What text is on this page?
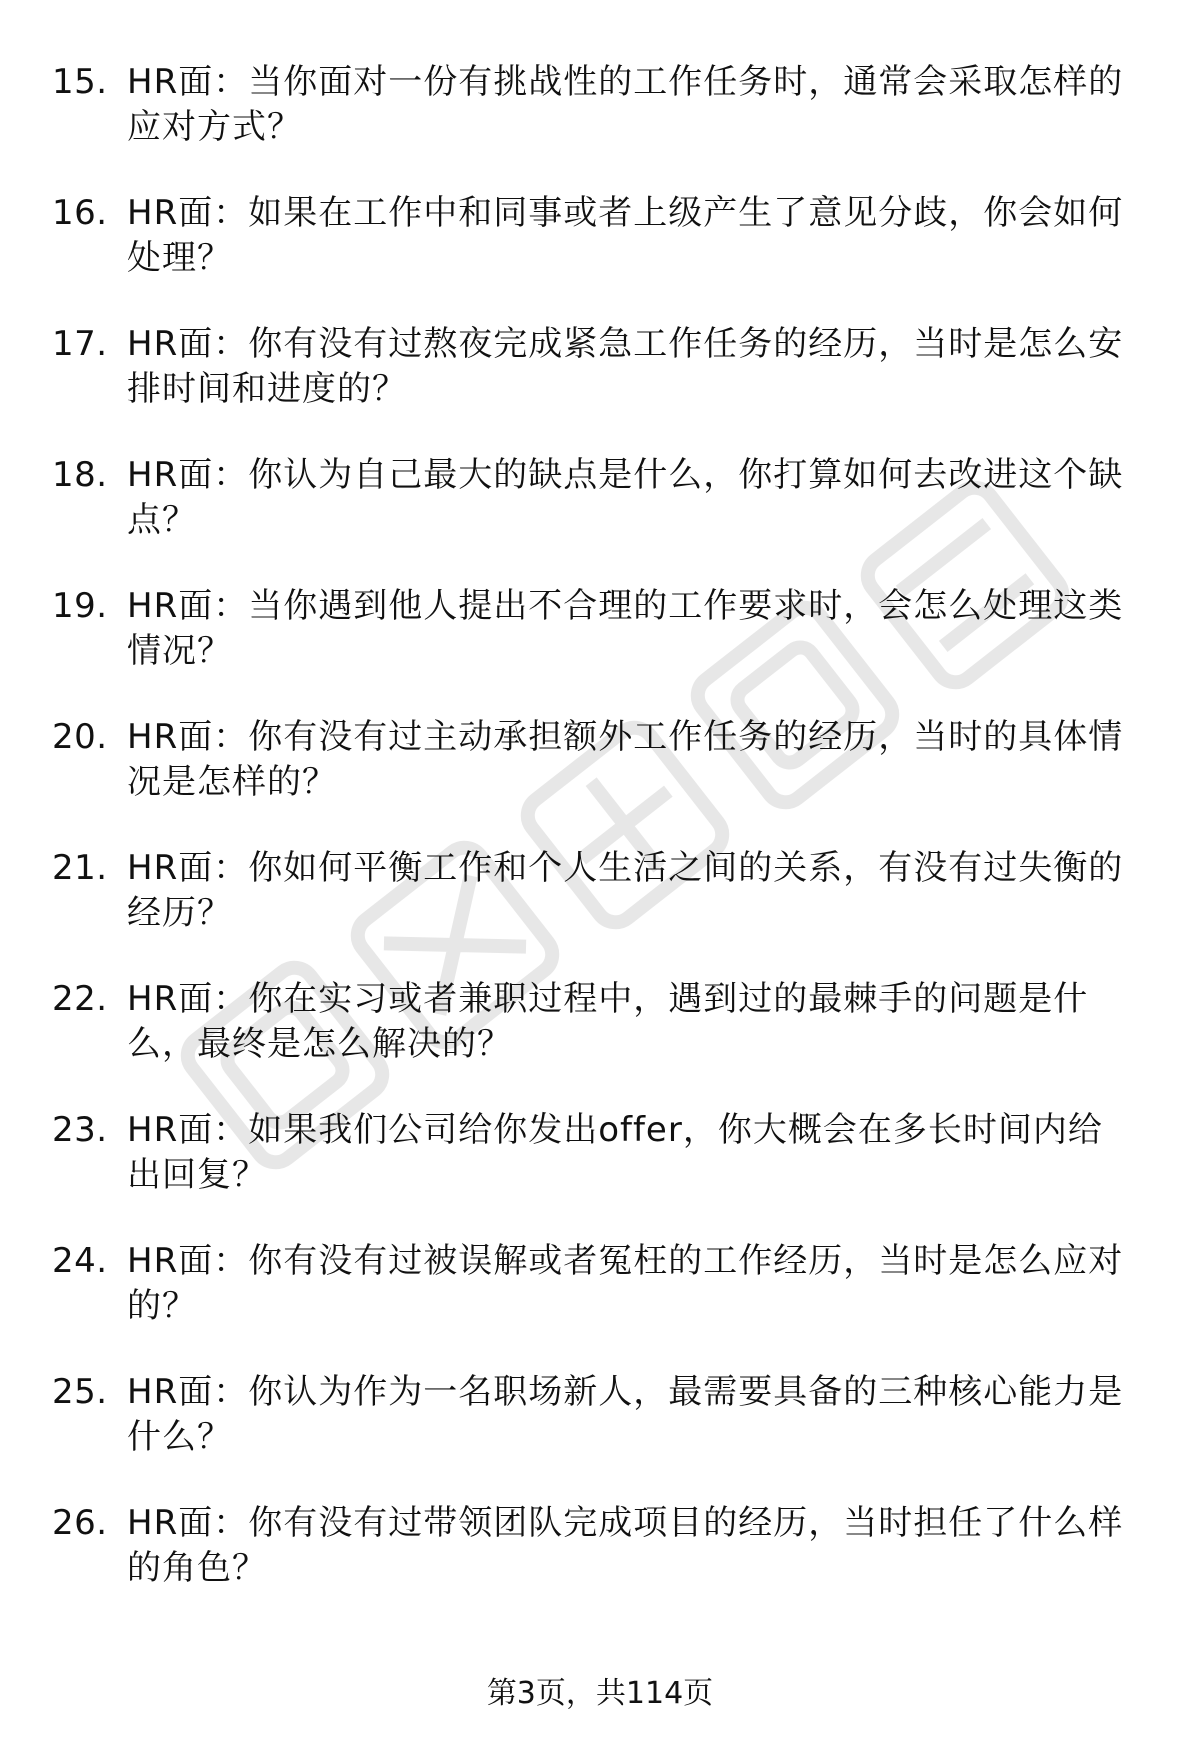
15. HR面：当你面对一份有挑战性的工作任务时，通常会采取怎样的应对方式？
16. HR面：如果在工作中和同事或者上级产生了意见分歧，你会如何处理？
17. HR面：你有没有过熬夜完成紧急工作任务的经历，当时是怎么安排时间和进度的？
18. HR面：你认为自己最大的缺点是什么，你打算如何去改进这个缺点？
19. HR面：当你遇到他人提出不合理的工作要求时，会怎么处理这类情况？
20. HR面：你有没有过主动承担额外工作任务的经历，当时的具体情况是怎样的？
21. HR面：你如何平衡工作和个人生活之间的关系，有没有过失衡的经历？
22. HR面：你在实习或者兼职过程中，遇到过的最棘手的问题是什么，最终是怎么解决的？
23. HR面：如果我们公司给你发出offer，你大概会在多长时间内给出回复？
24. HR面：你有没有过被误解或者冤枉的工作经历，当时是怎么应对的？
25. HR面：你认为作为一名职场新人，最需要具备的三种核心能力是什么？
26. HR面：你有没有过带领团队完成项目的经历，当时担任了什么样的角色？
第3页，共114页
